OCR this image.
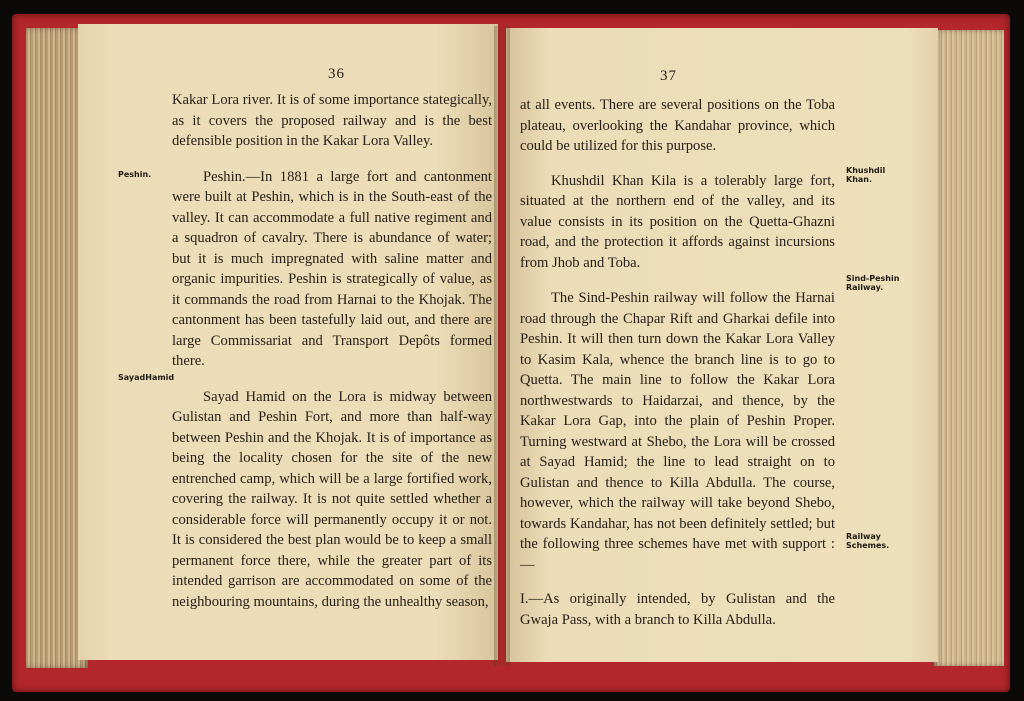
36
Peshin.
SayadHamid

Kakar Lora river. It is of some importance stategically, as it covers the proposed railway and is the best defensible position in the Kakar Lora Valley.

Peshin.—In 1881 a large fort and cantonment were built at Peshin, which is in the South-east of the valley. It can accommodate a full native regiment and a squadron of cavalry. There is abundance of water; but it is much impregnated with saline matter and organic impurities. Peshin is strategically of value, as it commands the road from Harnai to the Khojak. The cantonment has been tastefully laid out, and there are large Commissariat and Transport Depôts formed there.

Sayad Hamid on the Lora is midway between Gulistan and Peshin Fort, and more than half-way between Peshin and the Khojak. It is of importance as being the locality chosen for the site of the new entrenched camp, which will be a large fortified work, covering the railway. It is not quite settled whether a considerable force will permanently occupy it or not. It is considered the best plan would be to keep a small permanent force there, while the greater part of its intended garrison are accommodated on some of the neighbouring mountains, during the unhealthy season,

37
Khushdil Khan.
Sind-Peshin Railway.
Railway Schemes.

at all events. There are several positions on the Toba plateau, overlooking the Kandahar province, which could be utilized for this purpose.

Khushdil Khan Kila is a tolerably large fort, situated at the northern end of the valley, and its value consists in its position on the Quetta-Ghazni road, and the protection it affords against incursions from Jhob and Toba.

The Sind-Peshin railway will follow the Harnai road through the Chapar Rift and Gharkai defile into Peshin. It will then turn down the Kakar Lora Valley to Kasim Kala, whence the branch line is to go to Quetta. The main line to follow the Kakar Lora northwestwards to Haidarzai, and thence, by the Kakar Lora Gap, into the plain of Peshin Proper. Turning westward at Shebo, the Lora will be crossed at Sayad Hamid; the line to lead straight on to Gulistan and thence to Killa Abdulla. The course, however, which the railway will take beyond Shebo, towards Kandahar, has not been definitely settled; but the following three schemes have met with support :—

I.—As originally intended, by Gulistan and the Gwaja Pass, with a branch to Killa Abdulla.
